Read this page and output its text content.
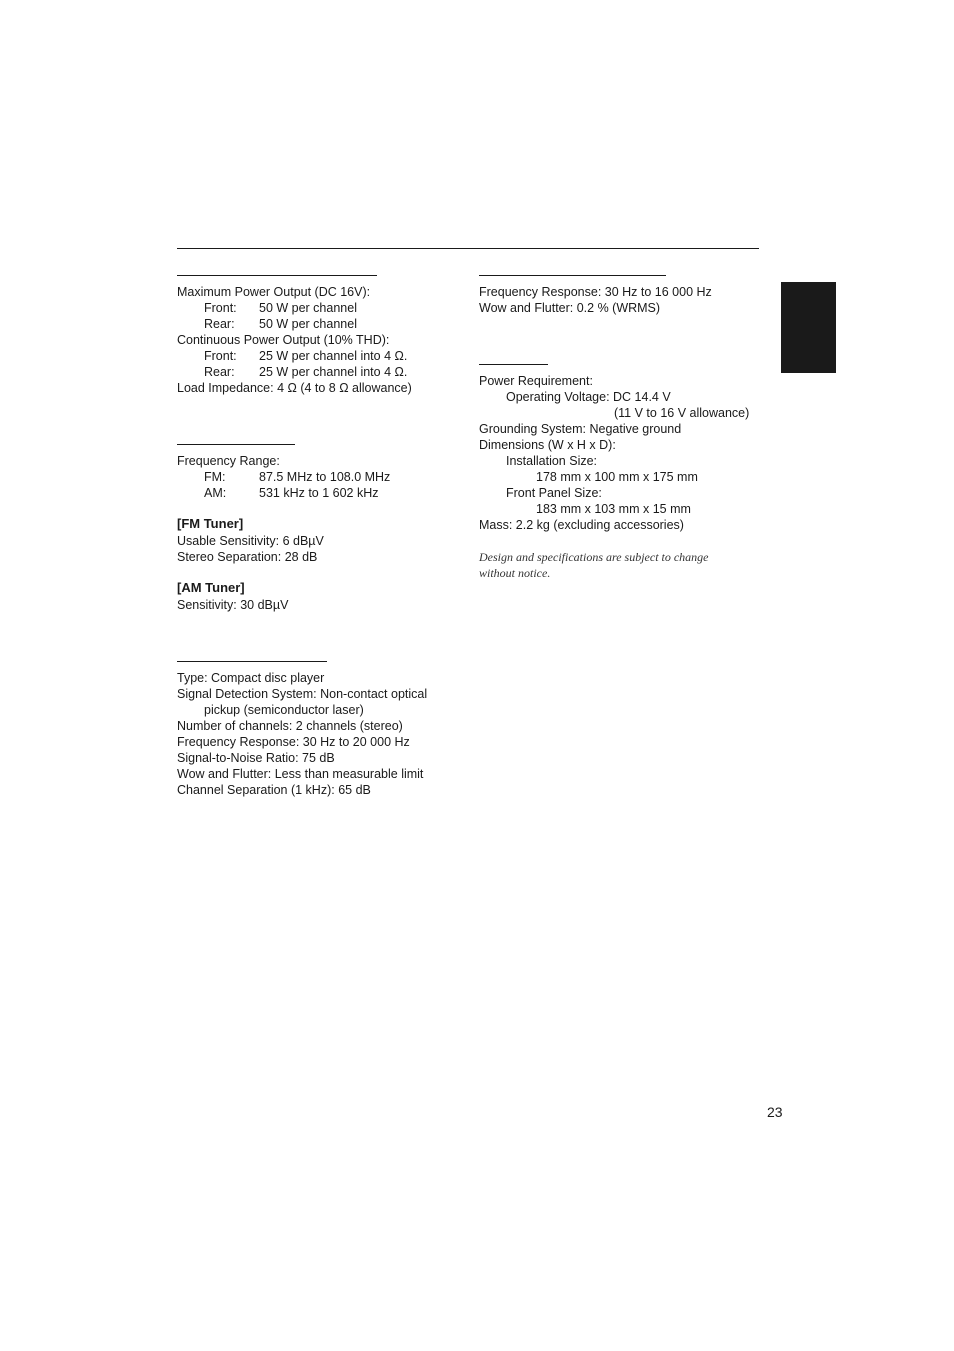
Maximum Power Output (DC 16V):
Front: 50 W per channel
Rear: 50 W per channel
Continuous Power Output (10% THD):
Front: 25 W per channel into 4 Ω.
Rear: 25 W per channel into 4 Ω.
Load Impedance: 4 Ω (4 to 8 Ω allowance)
Frequency Range:
FM:	87.5 MHz to 108.0 MHz
AM:	531 kHz to 1 602 kHz
[FM Tuner]
Usable Sensitivity: 6 dBµV
Stereo Separation: 28 dB
[AM Tuner]
Sensitivity: 30 dBµV
Type: Compact disc player
Signal Detection System: Non-contact optical
pickup (semiconductor laser)
Number of channels: 2 channels (stereo)
Frequency Response: 30 Hz to 20 000 Hz
Signal-to-Noise Ratio: 75 dB
Wow and Flutter: Less than measurable limit
Channel Separation (1 kHz): 65 dB
Frequency Response: 30 Hz to 16 000 Hz
Wow and Flutter: 0.2 % (WRMS)
Power Requirement:
Operating Voltage: DC 14.4 V
(11 V to 16 V allowance)
Grounding System: Negative ground
Dimensions (W x H x D):
Installation Size:
178 mm x 100 mm x 175 mm
Front Panel Size:
183 mm x 103 mm x 15 mm
Mass: 2.2 kg (excluding accessories)
Design and specifications are subject to change
without notice.
23
